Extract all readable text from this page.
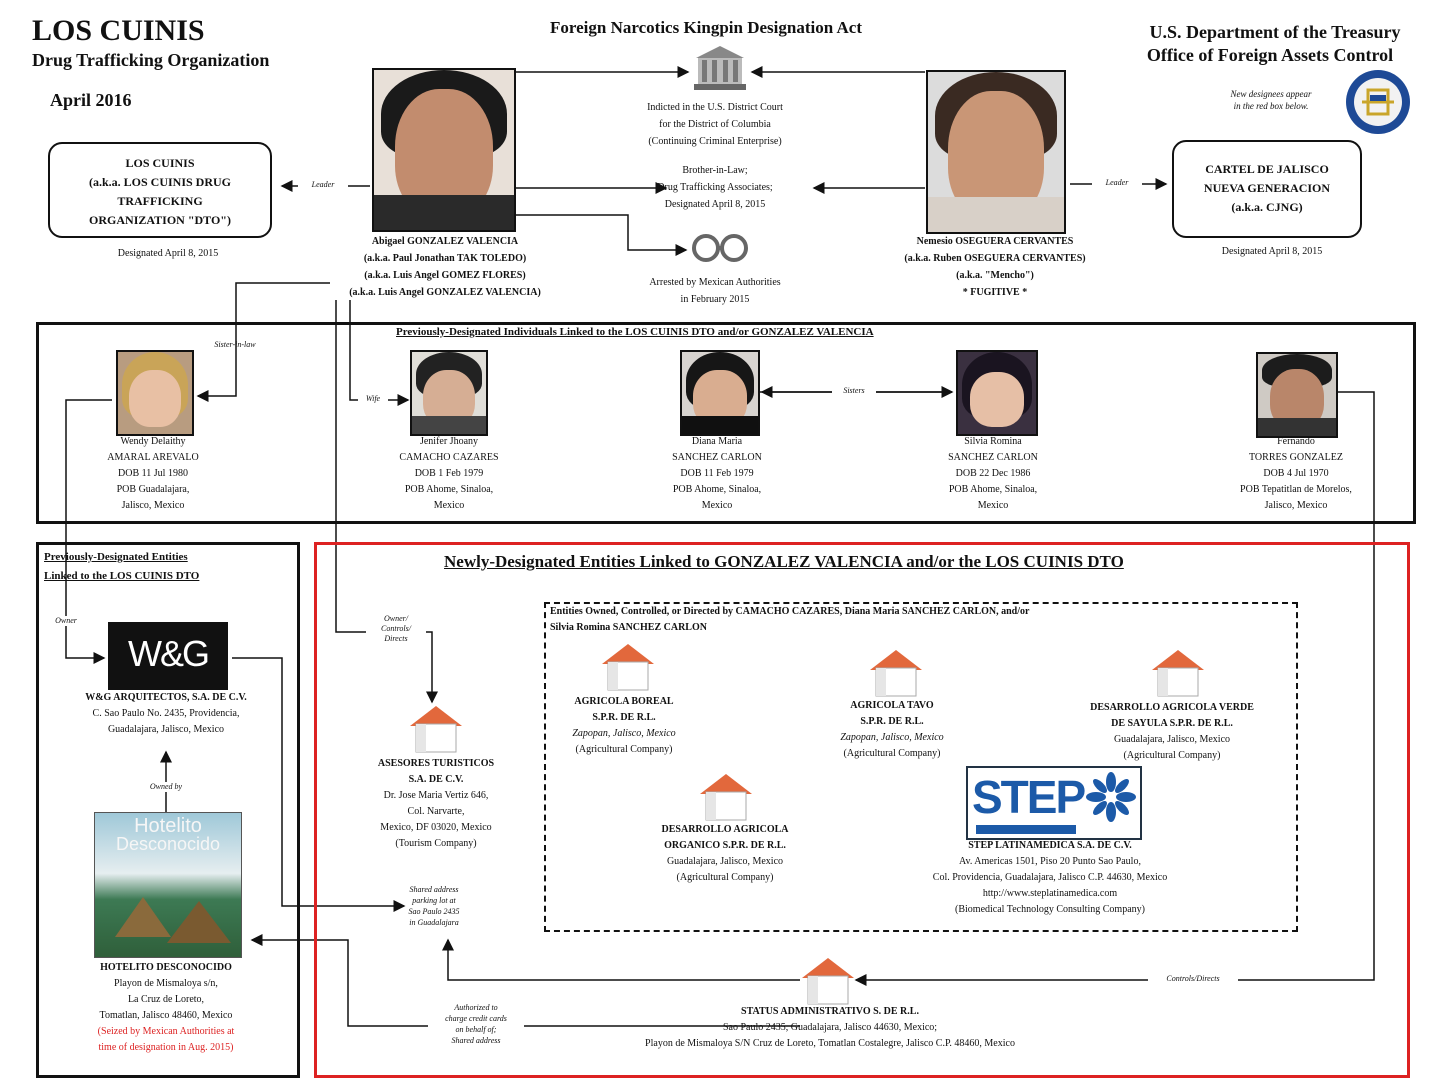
LOS CUINIS
Drug Trafficking Organization
April 2016
Foreign Narcotics Kingpin Designation Act	U.S. Department of the Treasury
Office of Foreign Assets Control
New designees appear
in the red box below.
LOS CUINIS
(a.k.a. LOS CUINIS DRUG
TRAFFICKING
ORGANIZATION "DTO")
Designated April 8, 2015
Leader
CARTEL DE JALISCO
NUEVA GENERACION
(a.k.a. CJNG)
Designated April 8, 2015
Leader
Abigael GONZALEZ VALENCIA
(a.k.a. Paul Jonathan TAK TOLEDO)
(a.k.a. Luis Angel GOMEZ FLORES)
(a.k.a. Luis Angel GONZALEZ VALENCIA)
Nemesio OSEGUERA CERVANTES
(a.k.a. Ruben OSEGUERA CERVANTES)
(a.k.a. "Mencho")
* FUGITIVE *
Indicted in the U.S. District Court
for the District of Columbia
(Continuing Criminal Enterprise)
Brother-in-Law;
Drug Trafficking Associates;
Designated April 8, 2015
Arrested by Mexican Authorities
in February 2015
Previously-Designated Individuals Linked to the LOS CUINIS DTO and/or GONZALEZ VALENCIA
Sister-in-law
Wife
Sisters
Wendy Delaithy
AMARAL AREVALO
DOB 11 Jul 1980
POB Guadalajara,
Jalisco, Mexico
Jenifer Jhoany
CAMACHO CAZARES
DOB 1 Feb 1979
POB Ahome, Sinaloa,
Mexico
Diana Maria
SANCHEZ CARLON
DOB 11 Feb 1979
POB Ahome, Sinaloa,
Mexico
Silvia Romina
SANCHEZ CARLON
DOB 22 Dec 1986
POB Ahome, Sinaloa,
Mexico
Fernando
TORRES GONZALEZ
DOB 4 Jul 1970
POB Tepatitlan de Morelos,
Jalisco, Mexico
Previously-Designated Entities
Linked to the LOS CUINIS DTO
Owner
W&G
W&G ARQUITECTOS, S.A. DE C.V.
C. Sao Paulo No. 2435, Providencia,
Guadalajara, Jalisco, Mexico
Owned by
Hotelito
Desconocido
HOTELITO DESCONOCIDO
Playon de Mismaloya s/n,
La Cruz de Loreto,
Tomatlan, Jalisco 48460, Mexico
(Seized by Mexican Authorities at
time of designation in Aug. 2015)
Newly-Designated Entities Linked to GONZALEZ VALENCIA and/or the LOS CUINIS DTO
Entities Owned, Controlled, or Directed by CAMACHO CAZARES, Diana Maria SANCHEZ CARLON, and/or
Silvia Romina SANCHEZ CARLON
Owner/
Controls/
Directs
ASESORES TURISTICOS
S.A. DE C.V.
Dr. Jose Maria Vertiz 646,
Col. Narvarte,
Mexico, DF 03020, Mexico
(Tourism Company)
AGRICOLA BOREAL
S.P.R. DE R.L.
Zapopan, Jalisco, Mexico
(Agricultural Company)
AGRICOLA TAVO
S.P.R. DE R.L.
Zapopan, Jalisco, Mexico
(Agricultural Company)
DESARROLLO AGRICOLA VERDE
DE SAYULA S.P.R. DE R.L.
Guadalajara, Jalisco, Mexico
(Agricultural Company)
DESARROLLO AGRICOLA
ORGANICO S.P.R. DE R.L.
Guadalajara, Jalisco, Mexico
(Agricultural Company)
STEP
STEP LATINAMEDICA S.A. DE C.V.
Av. Americas 1501, Piso 20 Punto Sao Paulo,
Col. Providencia, Guadalajara, Jalisco C.P. 44630, Mexico
http://www.steplatinamedica.com
(Biomedical Technology Consulting Company)
Shared address
parking lot at
Sao Paulo 2435
in Guadalajara
Authorized to
charge credit cards
on behalf of;
Shared address
Controls/Directs
STATUS ADMINISTRATIVO S. DE R.L.
Sao Paulo 2435, Guadalajara, Jalisco 44630, Mexico;
Playon de Mismaloya S/N Cruz de Loreto, Tomatlan Costalegre, Jalisco C.P. 48460, Mexico
